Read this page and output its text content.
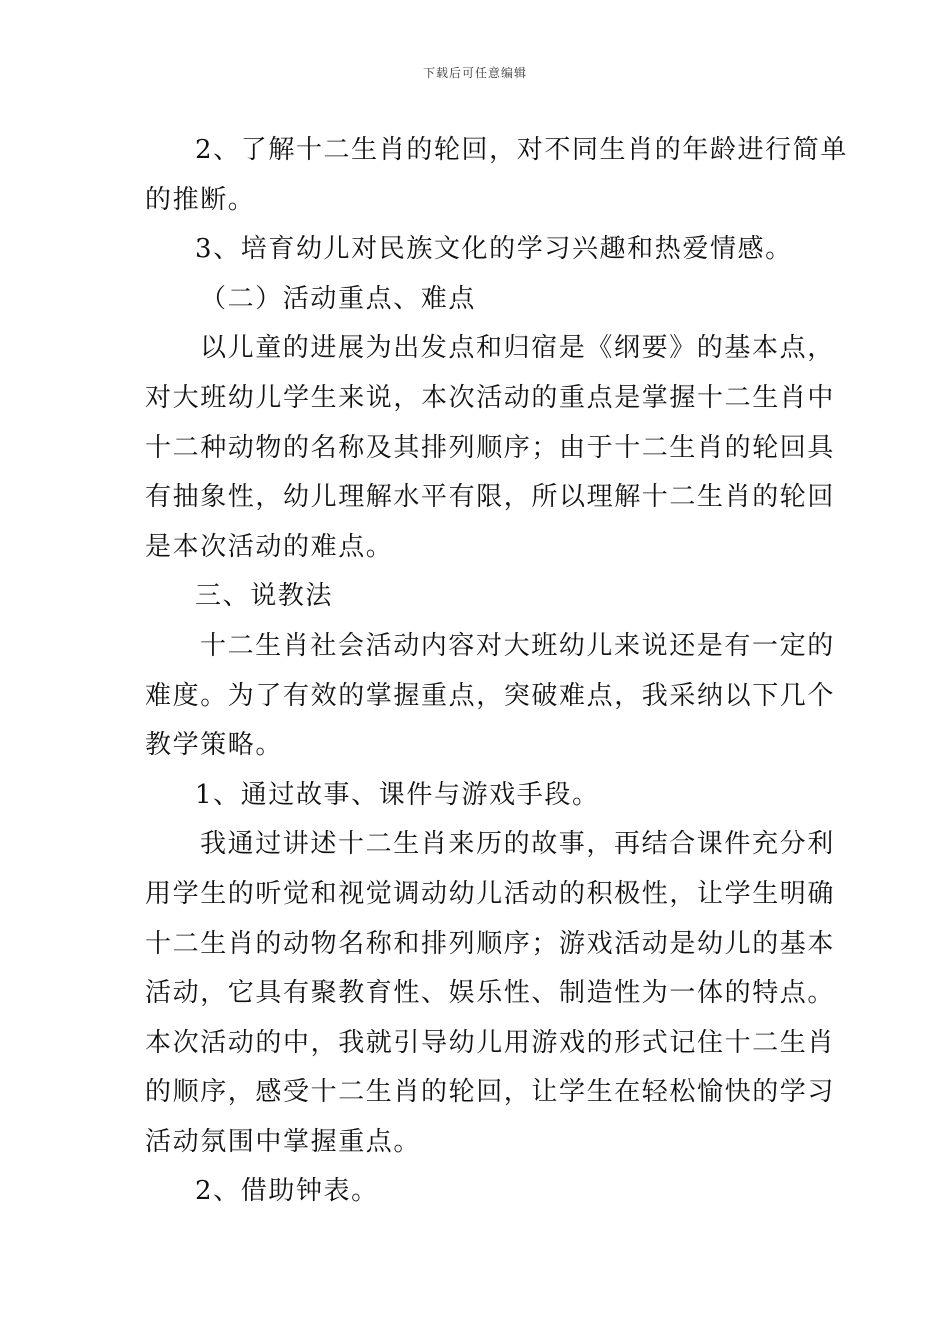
下载后可任意编辑

2、了解十二生肖的轮回，对不同生肖的年龄进行简单

的推断。

3、培育幼儿对民族文化的学习兴趣和热爱情感。

（二）活动重点、难点

以儿童的进展为出发点和归宿是《纲要》的基本点，

对大班幼儿学生来说，本次活动的重点是掌握十二生肖中

十二种动物的名称及其排列顺序；由于十二生肖的轮回具

有抽象性，幼儿理解水平有限，所以理解十二生肖的轮回

是本次活动的难点。

三、说教法

十二生肖社会活动内容对大班幼儿来说还是有一定的

难度。为了有效的掌握重点，突破难点，我采纳以下几个

教学策略。

1、通过故事、课件与游戏手段。

我通过讲述十二生肖来历的故事，再结合课件充分利

用学生的听觉和视觉调动幼儿活动的积极性，让学生明确

十二生肖的动物名称和排列顺序；游戏活动是幼儿的基本

活动，它具有聚教育性、娱乐性、制造性为一体的特点。

本次活动的中，我就引导幼儿用游戏的形式记住十二生肖

的顺序，感受十二生肖的轮回，让学生在轻松愉快的学习

活动氛围中掌握重点。

2、借助钟表。
